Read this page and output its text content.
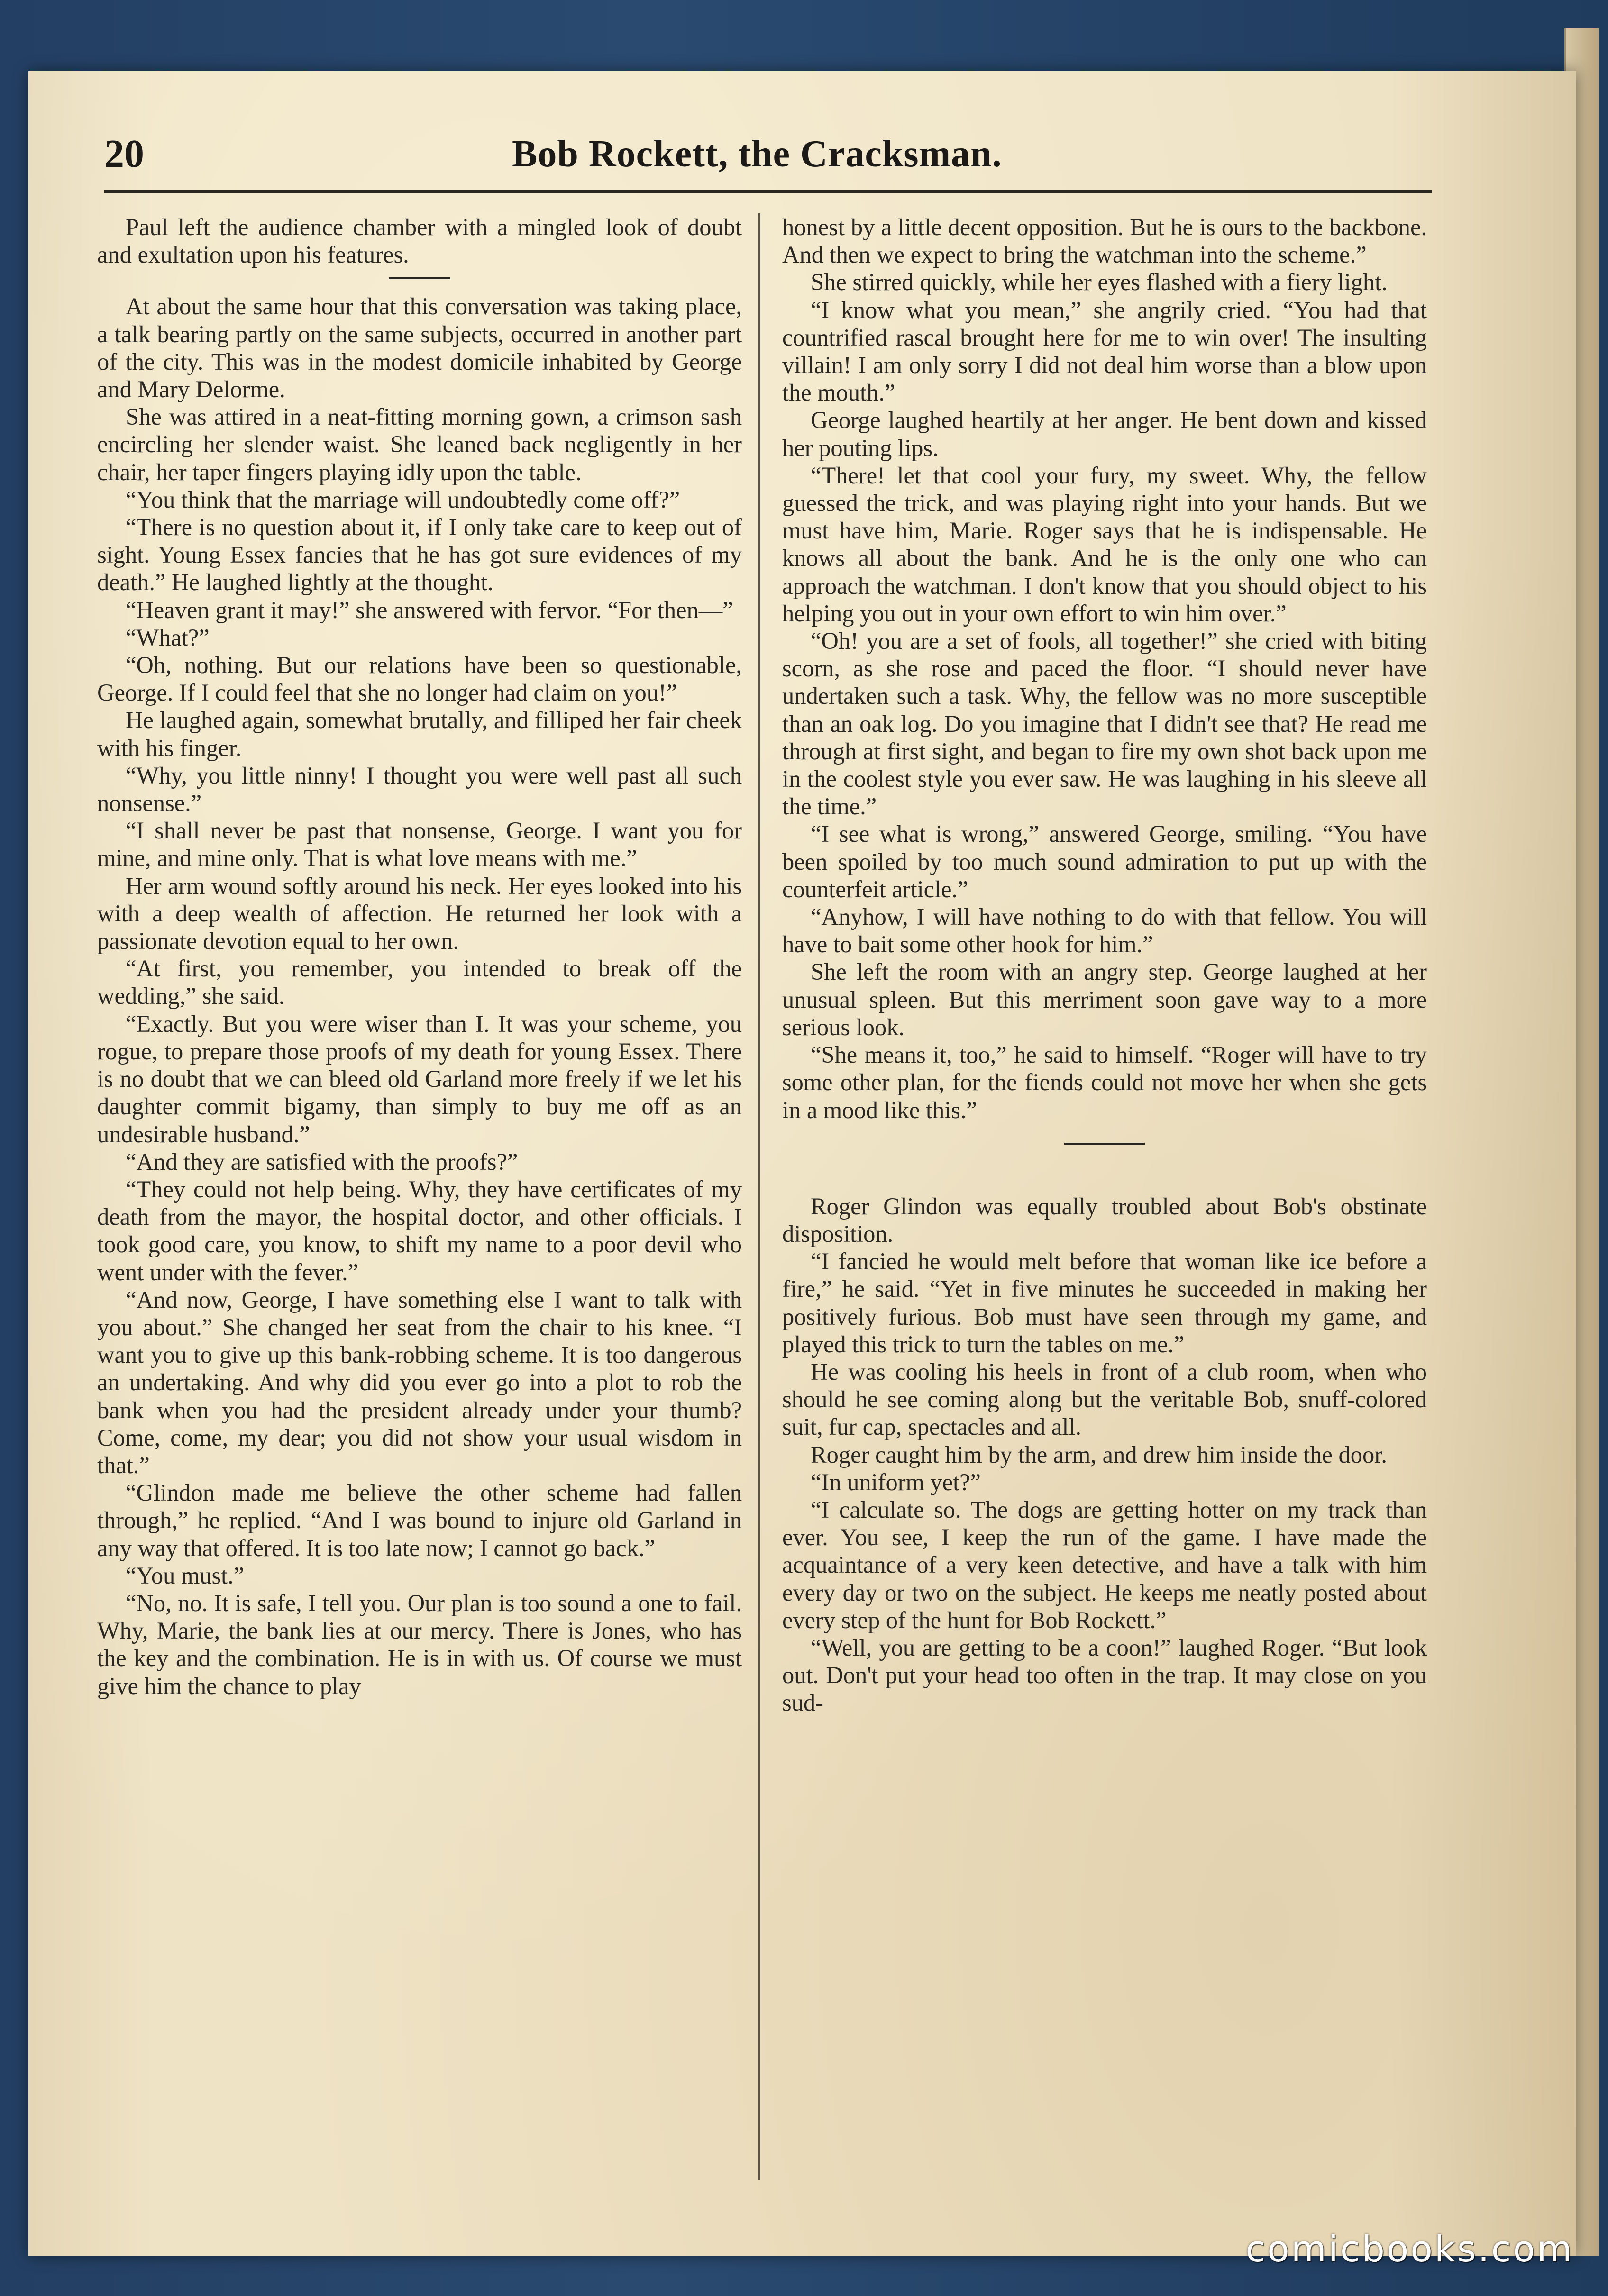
20	Bob Rockett, the Cracksman.

Paul left the audience chamber with a mingled look of doubt and exultation upon his features.

At about the same hour that this conversation was taking place, a talk bearing partly on the same subjects, occurred in another part of the city. This was in the modest domicile inhabited by George and Mary Delorme.

She was attired in a neat-fitting morning gown, a crimson sash encircling her slender waist. She leaned back negligently in her chair, her taper fingers playing idly upon the table.

“You think that the marriage will undoubtedly come off?”

“There is no question about it, if I only take care to keep out of sight. Young Essex fancies that he has got sure evidences of my death.” He laughed lightly at the thought.

“Heaven grant it may!” she answered with fervor. “For then—”

“What?”

“Oh, nothing. But our relations have been so questionable, George. If I could feel that she no longer had claim on you!”

He laughed again, somewhat brutally, and filliped her fair cheek with his finger.

“Why, you little ninny! I thought you were well past all such nonsense.”

“I shall never be past that nonsense, George. I want you for mine, and mine only. That is what love means with me.”

Her arm wound softly around his neck. Her eyes looked into his with a deep wealth of affection. He returned her look with a passionate devotion equal to her own.

“At first, you remember, you intended to break off the wedding,” she said.

“Exactly. But you were wiser than I. It was your scheme, you rogue, to prepare those proofs of my death for young Essex. There is no doubt that we can bleed old Garland more freely if we let his daughter commit bigamy, than simply to buy me off as an undesirable husband.”

“And they are satisfied with the proofs?”

“They could not help being. Why, they have certificates of my death from the mayor, the hospital doctor, and other officials. I took good care, you know, to shift my name to a poor devil who went under with the fever.”

“And now, George, I have something else I want to talk with you about.” She changed her seat from the chair to his knee. “I want you to give up this bank-robbing scheme. It is too dangerous an undertaking. And why did you ever go into a plot to rob the bank when you had the president already under your thumb? Come, come, my dear; you did not show your usual wisdom in that.”

“Glindon made me believe the other scheme had fallen through,” he replied. “And I was bound to injure old Garland in any way that offered. It is too late now; I cannot go back.”

“You must.”

“No, no. It is safe, I tell you. Our plan is too sound a one to fail. Why, Marie, the bank lies at our mercy. There is Jones, who has the key and the combination. He is in with us. Of course we must give him the chance to play

honest by a little decent opposition. But he is ours to the backbone. And then we expect to bring the watchman into the scheme.”

She stirred quickly, while her eyes flashed with a fiery light.

“I know what you mean,” she angrily cried. “You had that countrified rascal brought here for me to win over! The insulting villain! I am only sorry I did not deal him worse than a blow upon the mouth.”

George laughed heartily at her anger. He bent down and kissed her pouting lips.

“There! let that cool your fury, my sweet. Why, the fellow guessed the trick, and was playing right into your hands. But we must have him, Marie. Roger says that he is indispensable. He knows all about the bank. And he is the only one who can approach the watchman. I don't know that you should object to his helping you out in your own effort to win him over.”

“Oh! you are a set of fools, all together!” she cried with biting scorn, as she rose and paced the floor. “I should never have undertaken such a task. Why, the fellow was no more susceptible than an oak log. Do you imagine that I didn't see that? He read me through at first sight, and began to fire my own shot back upon me in the coolest style you ever saw. He was laughing in his sleeve all the time.”

“I see what is wrong,” answered George, smiling. “You have been spoiled by too much sound admiration to put up with the counterfeit article.”

“Anyhow, I will have nothing to do with that fellow. You will have to bait some other hook for him.”

She left the room with an angry step. George laughed at her unusual spleen. But this merriment soon gave way to a more serious look.

“She means it, too,” he said to himself. “Roger will have to try some other plan, for the fiends could not move her when she gets in a mood like this.”

Roger Glindon was equally troubled about Bob's obstinate disposition.

“I fancied he would melt before that woman like ice before a fire,” he said. “Yet in five minutes he succeeded in making her positively furious. Bob must have seen through my game, and played this trick to turn the tables on me.”

He was cooling his heels in front of a club room, when who should he see coming along but the veritable Bob, snuff-colored suit, fur cap, spectacles and all.

Roger caught him by the arm, and drew him inside the door.

“In uniform yet?”

“I calculate so. The dogs are getting hotter on my track than ever. You see, I keep the run of the game. I have made the acquaintance of a very keen detective, and have a talk with him every day or two on the subject. He keeps me neatly posted about every step of the hunt for Bob Rockett.”

“Well, you are getting to be a coon!” laughed Roger. “But look out. Don't put your head too often in the trap. It may close on you sud-

comicbooks.com
